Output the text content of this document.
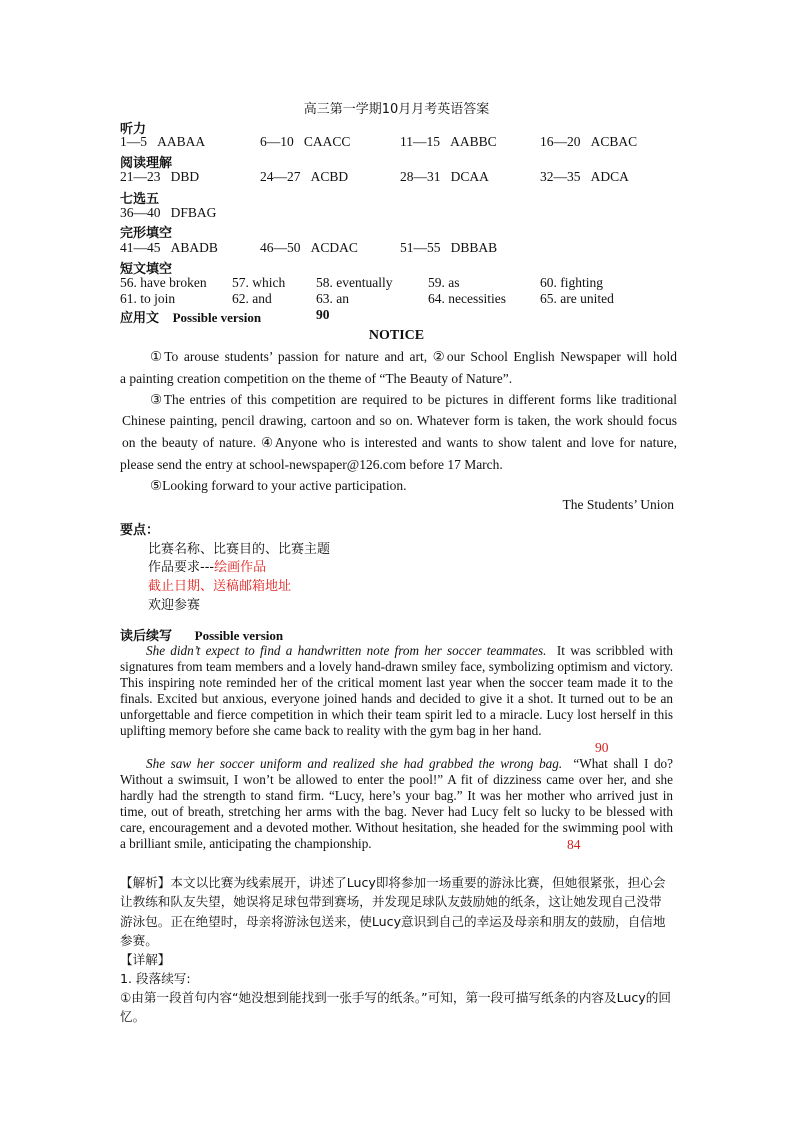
高三第一学期10月月考英语答案
听力
1—5 AABAA	6—10 CAACC	11—15 AABBC	16—20 ACBAC
阅读理解
21—23 DBD	24—27 ACBD	28—31 DCAA	32—35 ADCA
七选五
36—40 DFBAG
完形填空
41—45 ABADB	46—50 ACDAC	51—55 DBBAB
短文填空
56. have broken 57. which 58. eventually	59. as	60. fighting
61. to join	62. and	63. an	64. necessities	65. are united
应用文 Possible version	90
NOTICE
①To arouse students’ passion for nature and art, ②our School English Newspaper will hold
a painting creation competition on the theme of “The Beauty of Nature”.
③The entries of this competition are required to be pictures in different forms like traditional
Chinese painting, pencil drawing, cartoon and so on. Whatever form is taken, the work should focus
on the beauty of nature. ④Anyone who is interested and wants to show talent and love for nature,
please send the entry at school-newspaper@126.com before 17 March.
⑤Looking forward to your active participation.
The Students’ Union
要点：
比赛名称、比赛目的、比赛主题
作品要求---绘画作品
截止日期、送稿邮箱地址
欢迎参赛
读后续写 Possible version
She didn’t expect to find a handwritten note from her soccer teammates. It was scribbled with signatures from team members and a lovely hand-drawn smiley face, symbolizing optimism and victory. This inspiring note reminded her of the critical moment last year when the soccer team made it to the finals. Excited but anxious, everyone joined hands and decided to give it a shot. It turned out to be an unforgettable and fierce competition in which their team spirit led to a miracle. Lucy lost herself in this uplifting memory before she came back to reality with the gym bag in her hand.
90
She saw her soccer uniform and realized she had grabbed the wrong bag. “What shall I do? Without a swimsuit, I won’t be allowed to enter the pool!” A fit of dizziness came over her, and she hardly had the strength to stand firm. “Lucy, here’s your bag.” It was her mother who arrived just in time, out of breath, stretching her arms with the bag. Never had Lucy felt so lucky to be blessed with care, encouragement and a devoted mother. Without hesitation, she headed for the swimming pool with a brilliant smile, anticipating the championship.	84
【解析】本文以比赛为线索展开，讲述了Lucy即将参加一场重要的游泳比赛，但她很紧张，担心会让教练和队友失望，她误将足球包带到赛场，并发现足球队友鼓励她的纸条，这让她发现自己没带游泳包。正在绝望时，母亲将游泳包送来，使Lucy意识到自己的幸运及母亲和朋友的鼓励，自信地参赛。
【详解】
1. 段落续写:
①由第一段首句内容“她没想到能找到一张手写的纸条。”可知，第一段可描写纸条的内容及Lucy的回忆。
